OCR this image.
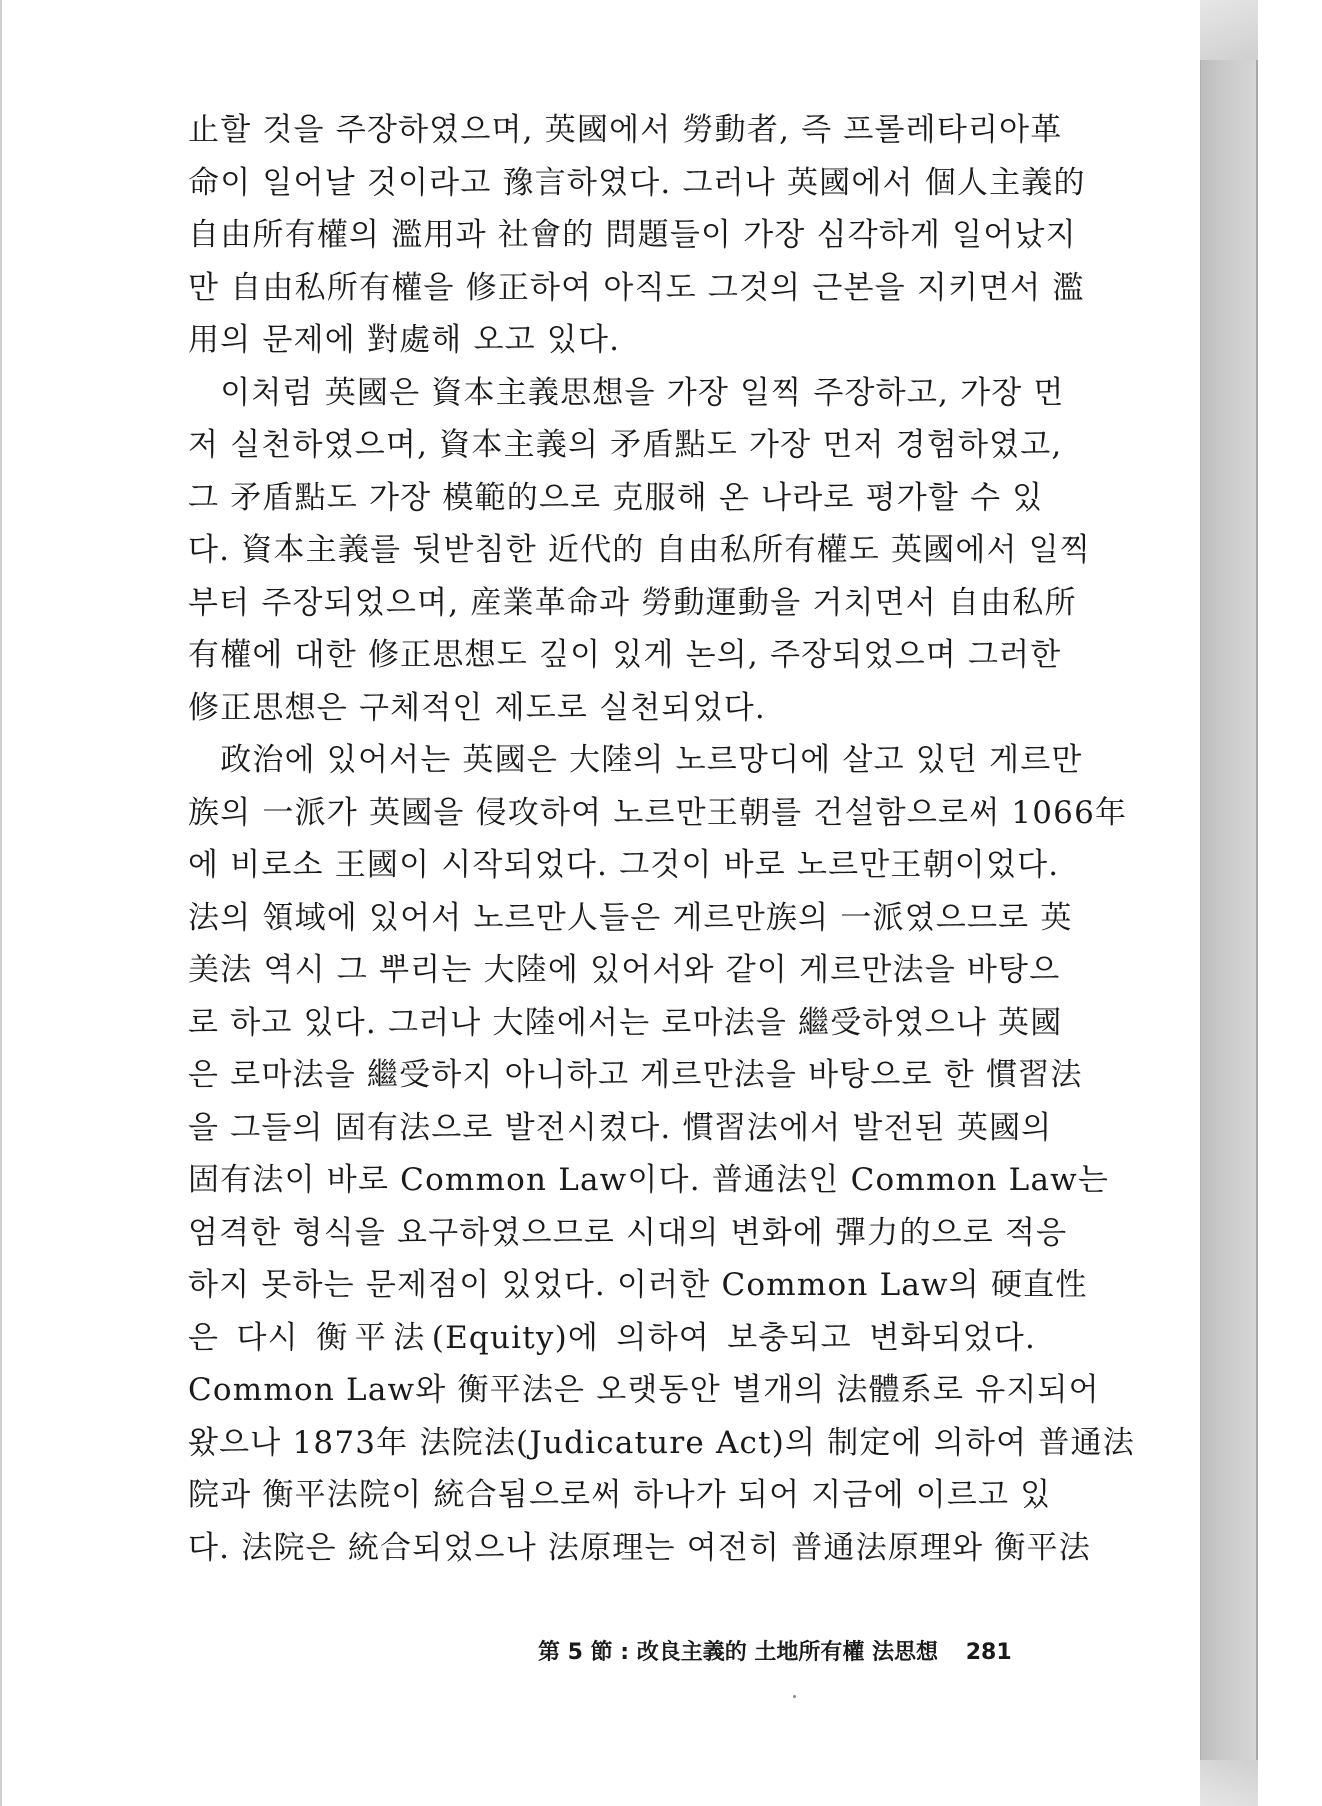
止할 것을 주장하였으며, 英國에서 勞動者, 즉 프롤레타리아革
命이 일어날 것이라고 豫言하였다. 그러나 英國에서 個人主義的
自由所有權의 濫用과 社會的 問題들이 가장 심각하게 일어났지
만 自由私所有權을 修正하여 아직도 그것의 근본을 지키면서 濫
用의 문제에 對處해 오고 있다.
　이처럼 英國은 資本主義思想을 가장 일찍 주장하고, 가장 먼
저 실천하였으며, 資本主義의 矛盾點도 가장 먼저 경험하였고,
그 矛盾點도 가장 模範的으로 克服해 온 나라로 평가할 수 있
다. 資本主義를 뒷받침한 近代的 自由私所有權도 英國에서 일찍
부터 주장되었으며, 産業革命과 勞動運動을 거치면서 自由私所
有權에 대한 修正思想도 깊이 있게 논의, 주장되었으며 그러한
修正思想은 구체적인 제도로 실천되었다.
　政治에 있어서는 英國은 大陸의 노르망디에 살고 있던 게르만
族의 一派가 英國을 侵攻하여 노르만王朝를 건설함으로써 1066年
에 비로소 王國이 시작되었다. 그것이 바로 노르만王朝이었다.
法의 領域에 있어서 노르만人들은 게르만族의 一派였으므로 英
美法 역시 그 뿌리는 大陸에 있어서와 같이 게르만法을 바탕으
로 하고 있다. 그러나 大陸에서는 로마法을 繼受하였으나 英國
은 로마法을 繼受하지 아니하고 게르만法을 바탕으로 한 慣習法
을 그들의 固有法으로 발전시켰다. 慣習法에서 발전된 英國의
固有法이 바로 Common Law이다. 普通法인 Common Law는
엄격한 형식을 요구하였으므로 시대의 변화에 彈力的으로 적응
하지 못하는 문제점이 있었다. 이러한 Common Law의 硬直性
은 다시 衡平法(Equity)에 의하여 보충되고 변화되었다.
Common Law와 衡平法은 오랫동안 별개의 法體系로 유지되어
왔으나 1873年 法院法(Judicature Act)의 制定에 의하여 普通法
院과 衡平法院이 統合됨으로써 하나가 되어 지금에 이르고 있
다. 法院은 統合되었으나 法原理는 여전히 普通法原理와 衡平法
第 5 節 : 改良主義的 土地所有權 法思想 281
